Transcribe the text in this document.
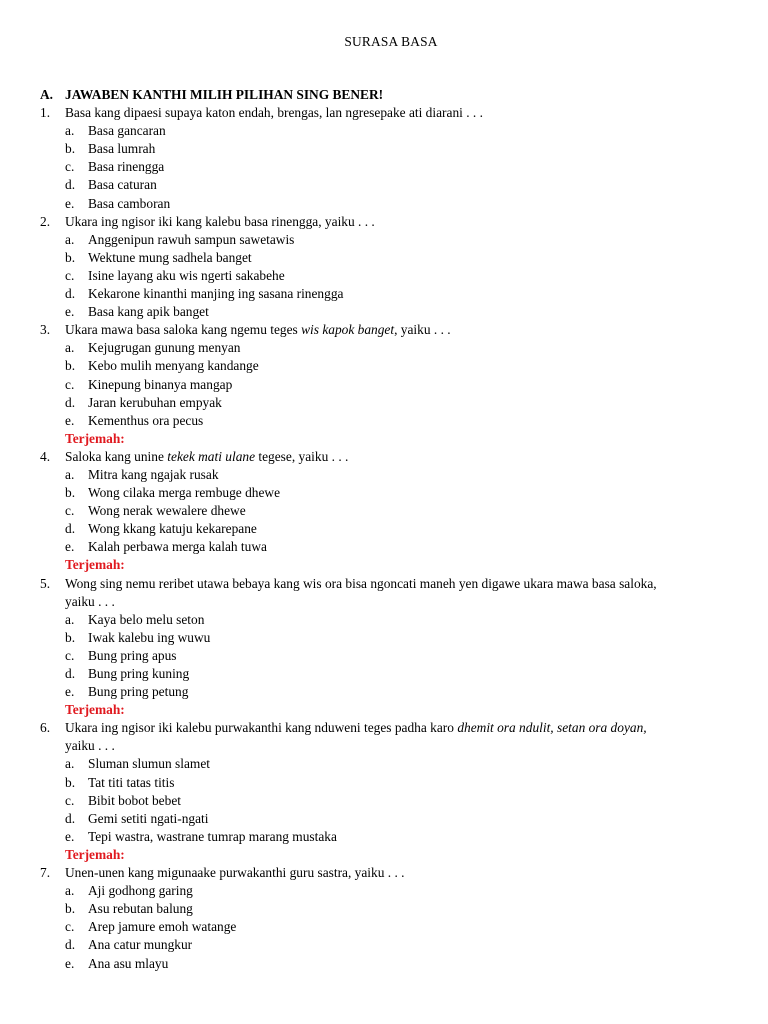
SURASA BASA
A. JAWABEN KANTHI MILIH PILIHAN SING BENER!
1.	Basa kang dipaesi supaya katon endah, brengas, lan ngresepake ati diarani . . .
a.	Basa gancaran
b. Basa lumrah
c.	Basa rinengga
d. Basa caturan
e.	Basa camboran
2.	Ukara ing ngisor iki kang kalebu basa rinengga, yaiku . . .
a.	Anggenipun rawuh sampun sawetawis
b. Wektune mung sadhela banget
c.	Isine layang aku wis ngerti sakabehe
d. Kekarone kinanthi manjing ing sasana rinengga
e.	Basa kang apik banget
3.	Ukara mawa basa saloka kang ngemu teges wis kapok banget, yaiku . . .
a.	Kejugrugan gunung menyan
b. Kebo mulih menyang kandange
c.	Kinepung binanya mangap
d. Jaran kerubuhan empyak
e.	Kementhus ora pecus
Terjemah:
4.	Saloka kang unine tekek mati ulane tegese, yaiku . . .
a.	Mitra kang ngajak rusak
b. Wong cilaka merga rembuge dhewe
c.	Wong nerak wewalere dhewe
d. Wong kkang katuju kekarepane
e.	Kalah perbawa merga kalah tuwa
Terjemah:
5.	Wong sing nemu reribet utawa bebaya kang wis ora bisa ngoncati maneh yen digawe ukara mawa basa saloka,
yaiku . . .
a.	Kaya belo melu seton
b. Iwak kalebu ing wuwu
c.	Bung pring apus
d. Bung pring kuning
e.	Bung pring petung
Terjemah:
6.	Ukara ing ngisor iki kalebu purwakanthi kang nduweni teges padha karo dhemit ora ndulit, setan ora doyan,
yaiku . . .
a.	Sluman slumun slamet
b. Tat titi tatas titis
c.	Bibit bobot bebet
d. Gemi setiti ngati-ngati
e.	Tepi wastra, wastrane tumrap marang mustaka
Terjemah:
7.	Unen-unen kang migunaake purwakanthi guru sastra, yaiku . . .
a.	Aji godhong garing
b. Asu rebutan balung
c.	Arep jamure emoh watange
d. Ana catur mungkur
e.	Ana asu mlayu
